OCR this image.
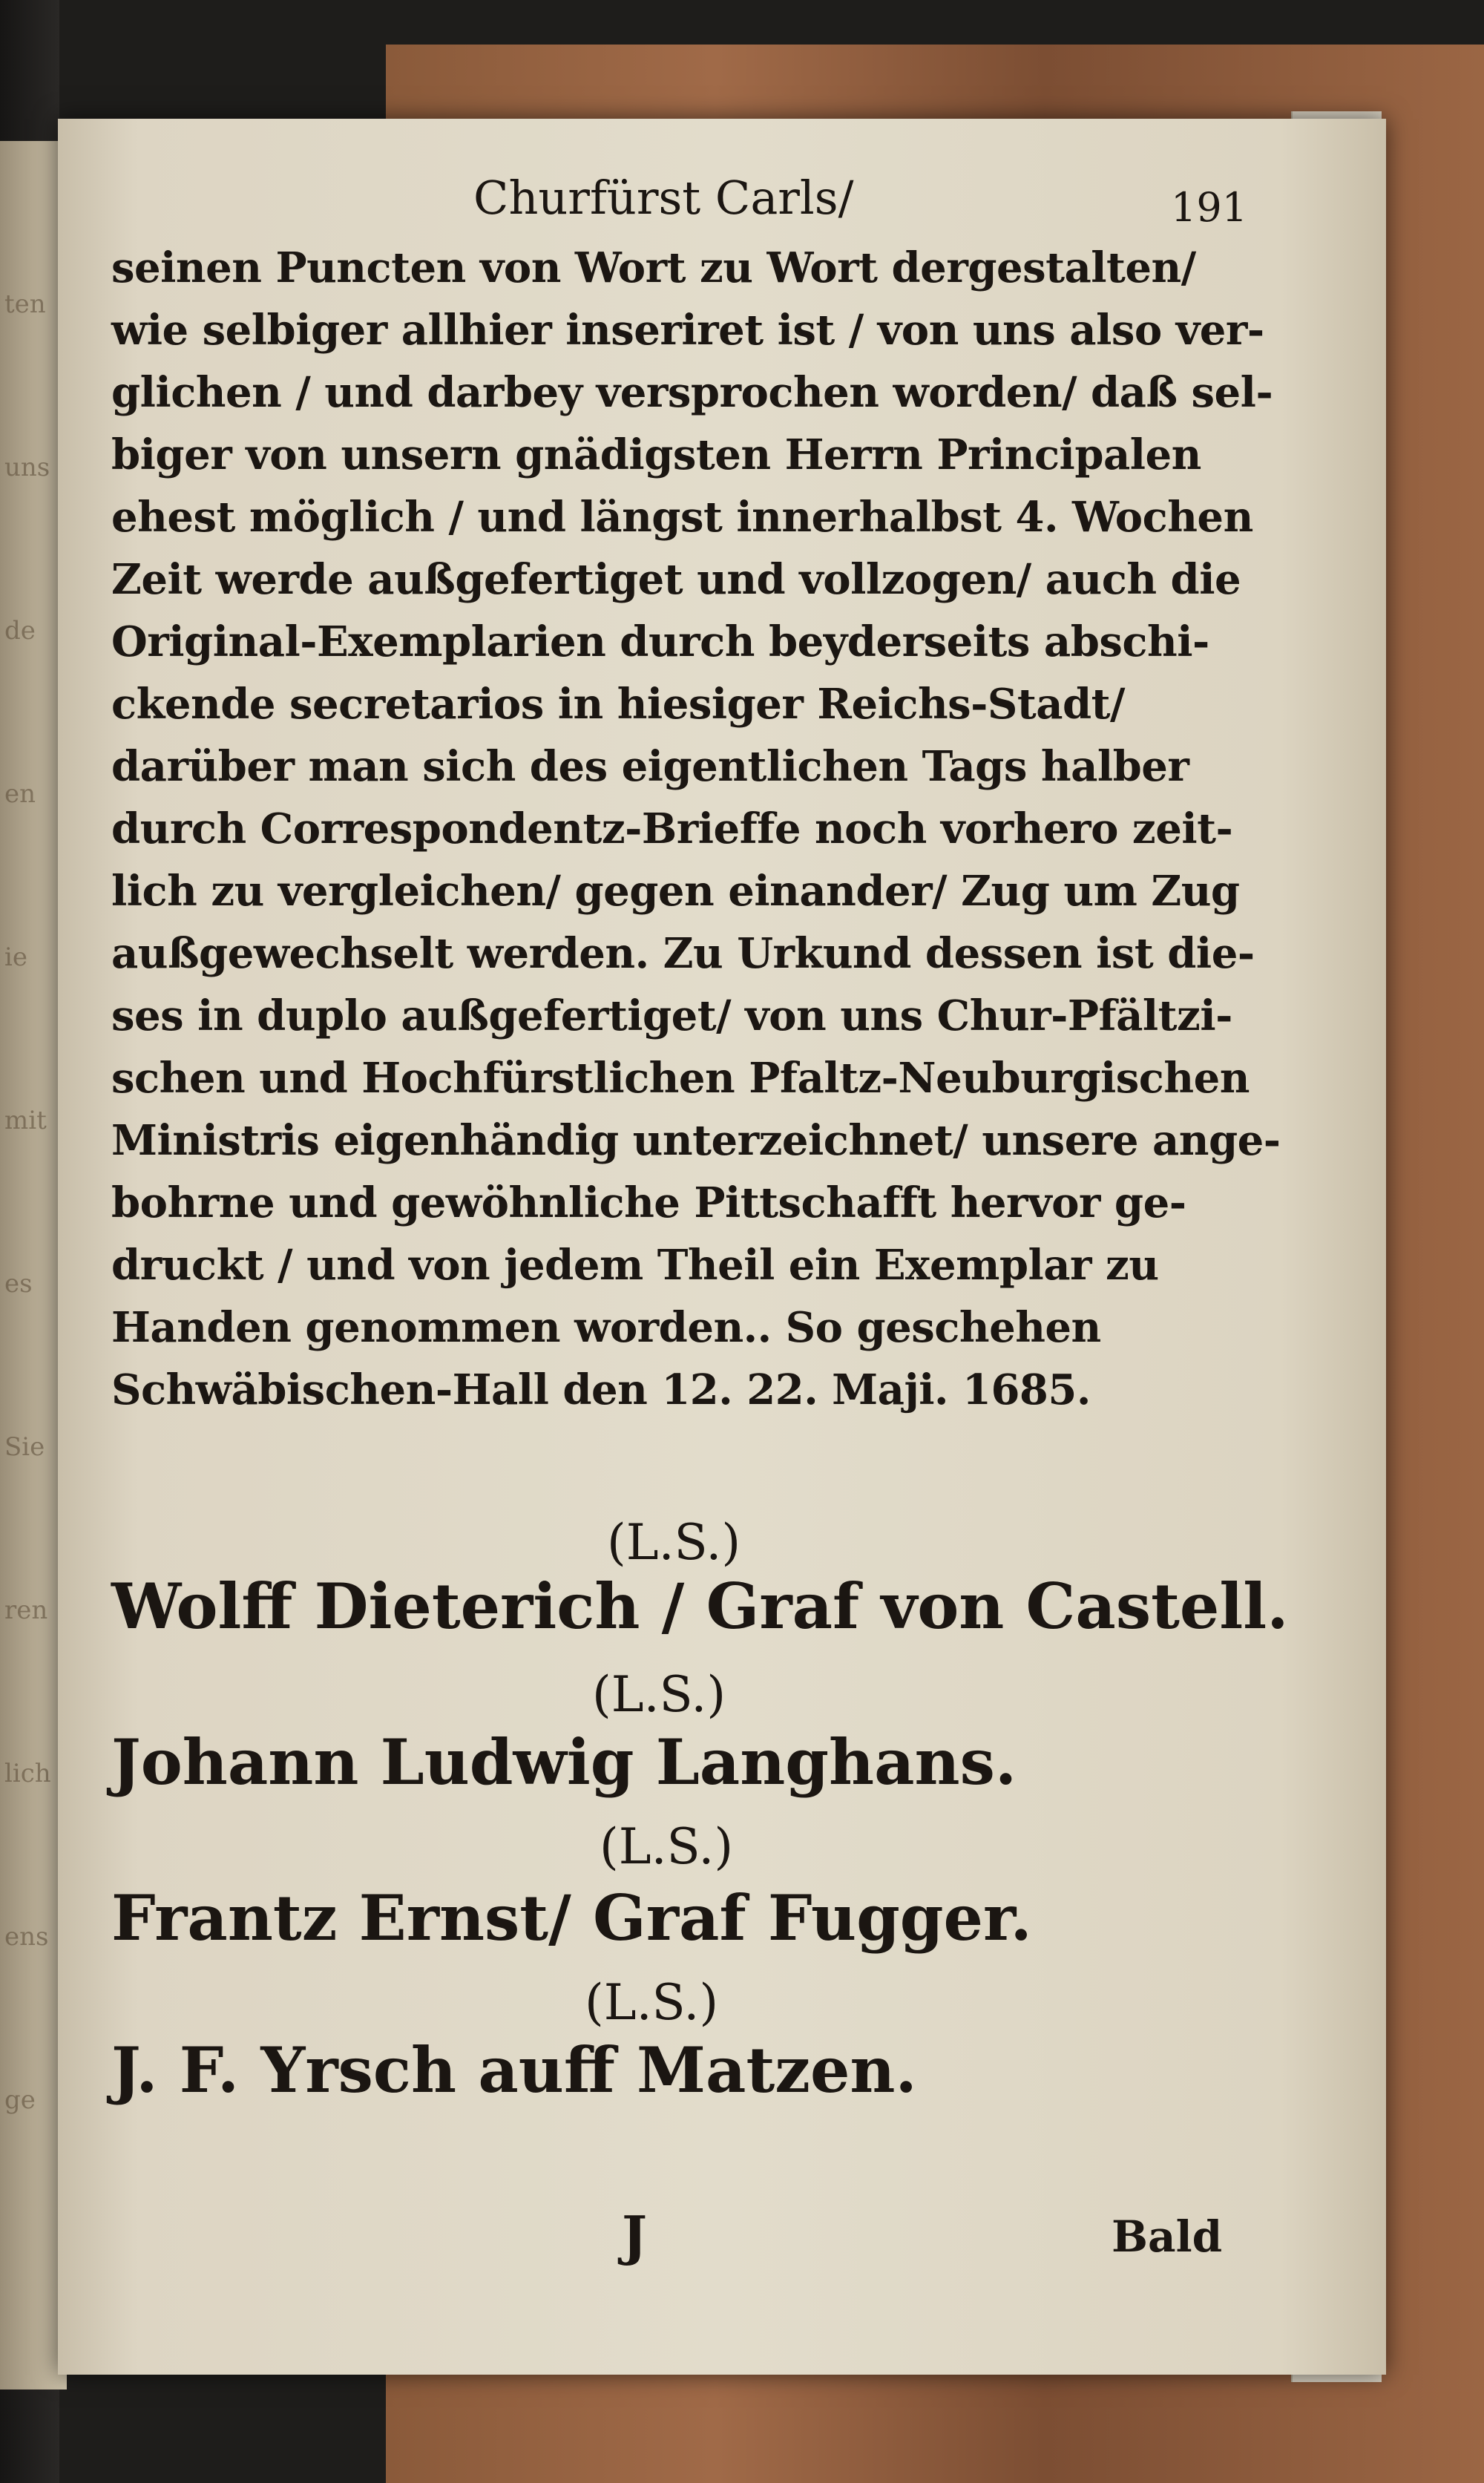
ten
uns
de
en
ie
mit
es
Sie
ren
lich
ens
ge
Churfürst Carls/	191
seinen Puncten von Wort zu Wort dergestalten/
wie selbiger allhier inseriret ist / von uns also ver-
glichen / und darbey versprochen worden/ daß sel-
biger von unsern gnädigsten Herrn Principalen
ehest möglich / und längst innerhalbst 4. Wochen
Zeit werde außgefertiget und vollzogen/ auch die
Original-Exemplarien durch beyderseits abschi-
ckende secretarios in hiesiger Reichs-Stadt/
darüber man sich des eigentlichen Tags halber
durch Correspondentz-Brieffe noch vorhero zeit-
lich zu vergleichen/ gegen einander/ Zug um Zug
außgewechselt werden. Zu Urkund dessen ist die-
ses in duplo außgefertiget/ von uns Chur-Pfältzi-
schen und Hochfürstlichen Pfaltz-Neuburgischen
Ministris eigenhändig unterzeichnet/ unsere ange-
bohrne und gewöhnliche Pittschafft hervor ge-
druckt / und von jedem Theil ein Exemplar zu
Handen genommen worden.. So geschehen
Schwäbischen-Hall den 12. 22. Maji. 1685.
(L.S.)
Wolff Dieterich / Graf von Castell.
(L.S.)
Johann Ludwig Langhans.
(L.S.)
Frantz Ernst/ Graf Fugger.
(L.S.)
J. F. Yrsch auff Matzen.
J	Bald
